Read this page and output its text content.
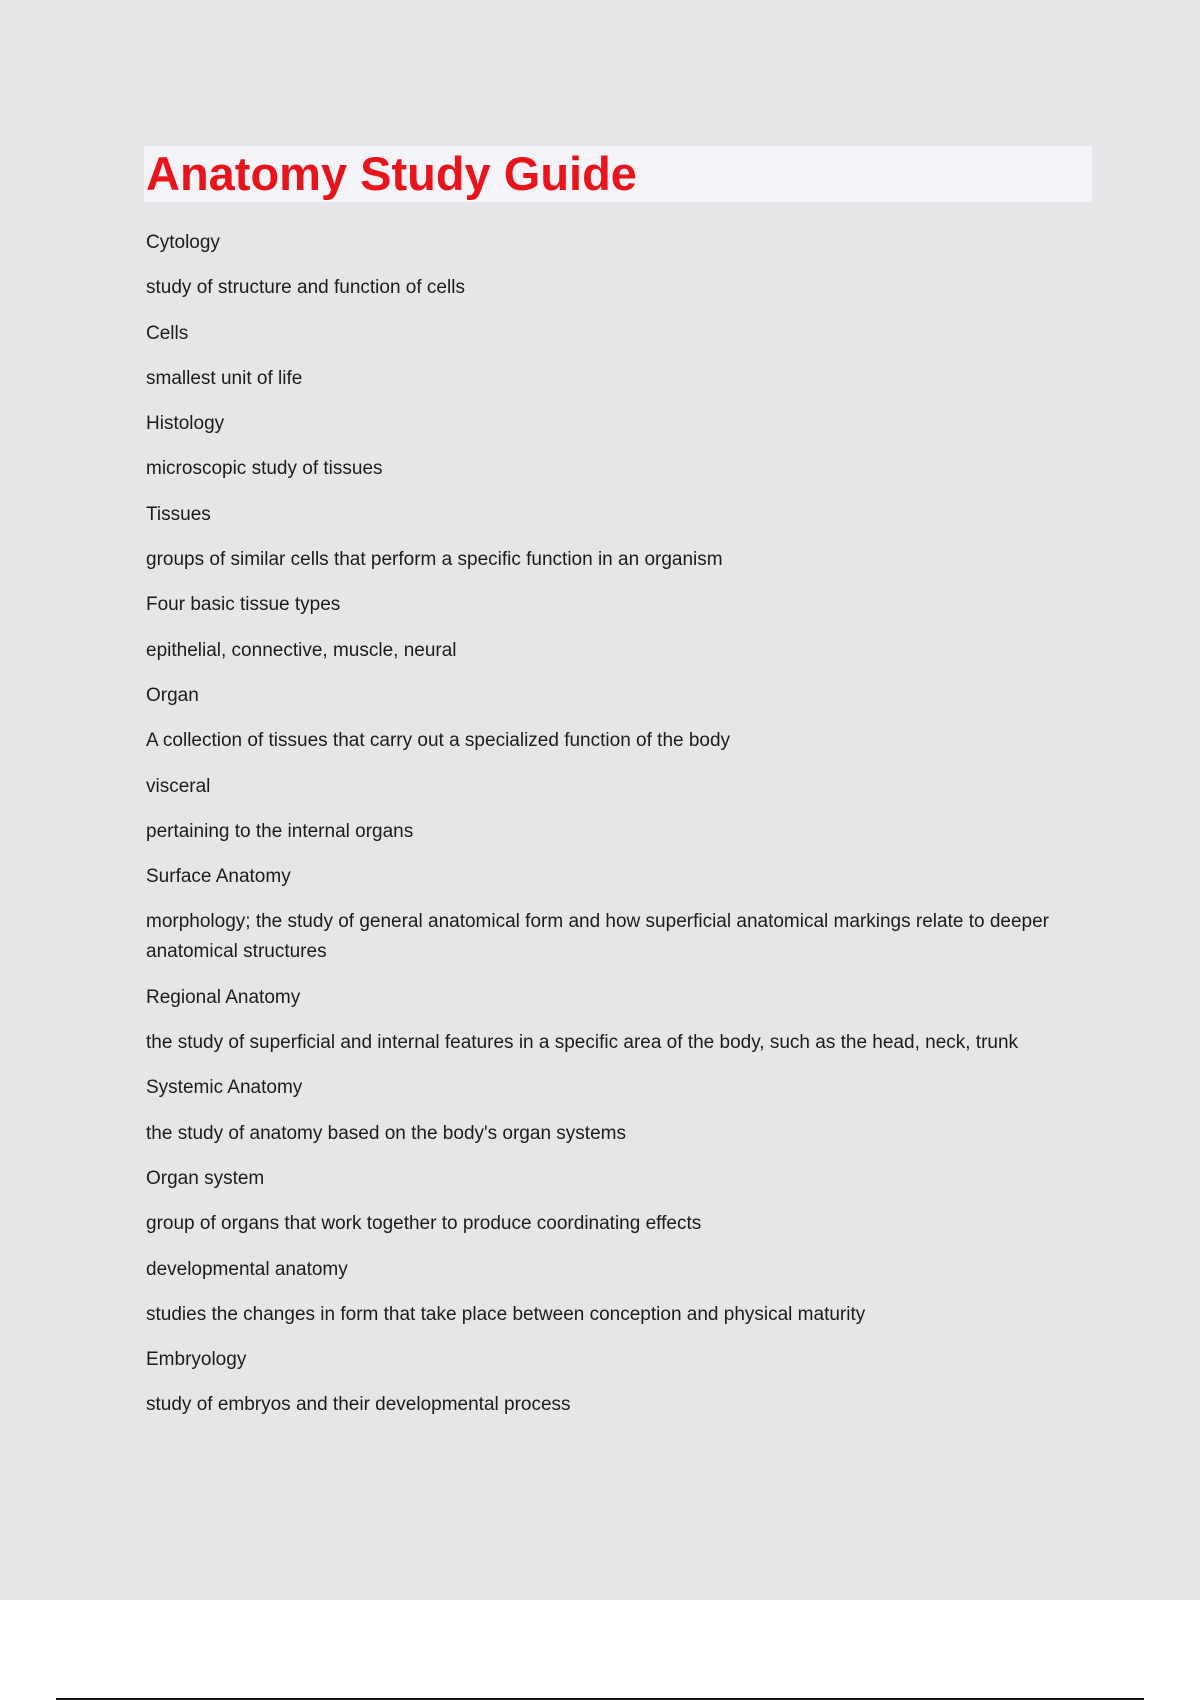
Anatomy Study Guide
Cytology
study of structure and function of cells
Cells
smallest unit of life
Histology
microscopic study of tissues
Tissues
groups of similar cells that perform a specific function in an organism
Four basic tissue types
epithelial, connective, muscle, neural
Organ
A collection of tissues that carry out a specialized function of the body
visceral
pertaining to the internal organs
Surface Anatomy
morphology; the study of general anatomical form and how superficial anatomical markings relate to deeper anatomical structures
Regional Anatomy
the study of superficial and internal features in a specific area of the body, such as the head, neck, trunk
Systemic Anatomy
the study of anatomy based on the body's organ systems
Organ system
group of organs that work together to produce coordinating effects
developmental anatomy
studies the changes in form that take place between conception and physical maturity
Embryology
study of embryos and their developmental process
